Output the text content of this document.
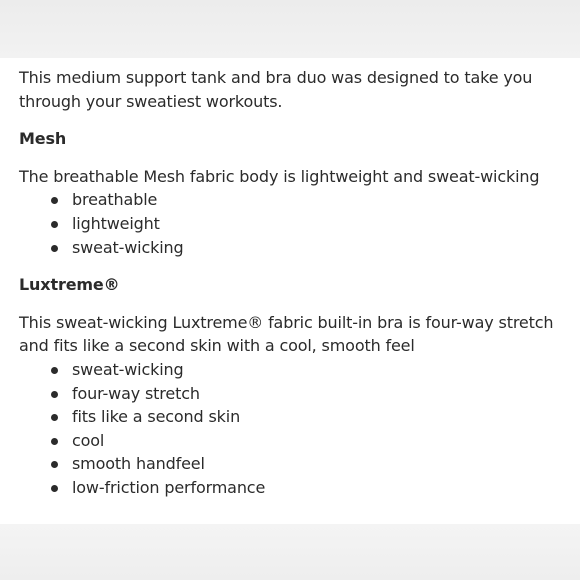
This medium support tank and bra duo was designed to take you through your sweatiest workouts.

Mesh

The breathable Mesh fabric body is lightweight and sweat-wicking

breathable
lightweight
sweat-wicking

Luxtreme®

This sweat-wicking Luxtreme® fabric built-in bra is four-way stretch and fits like a second skin with a cool, smooth feel

sweat-wicking
four-way stretch
fits like a second skin
cool
smooth handfeel
low-friction performance
